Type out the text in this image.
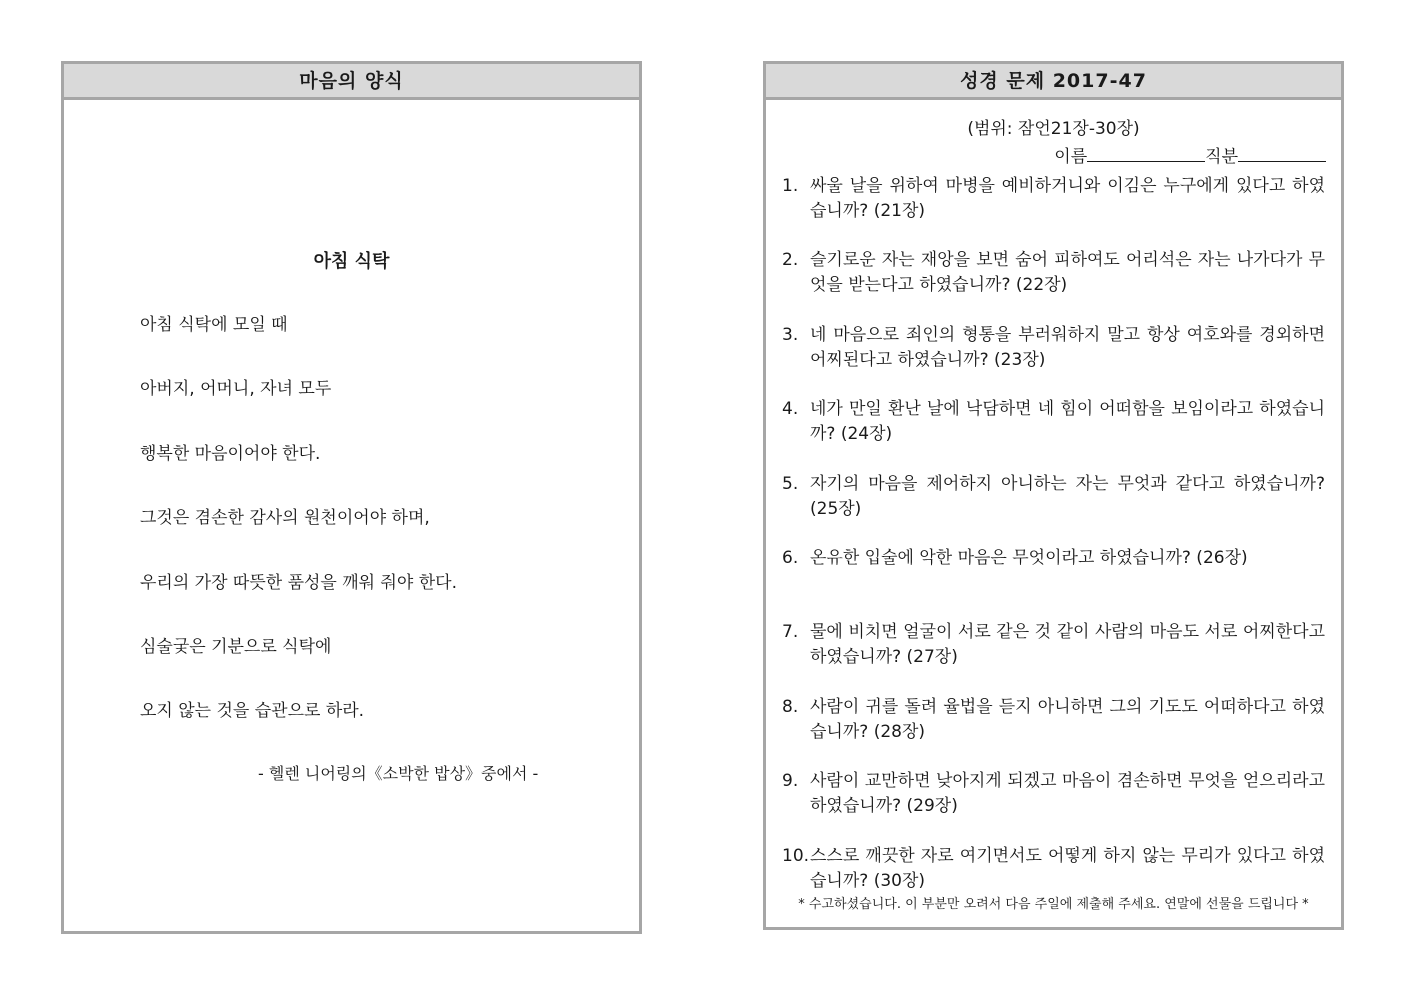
마음의 양식
아침 식탁
아침 식탁에 모일 때
아버지, 어머니, 자녀 모두
행복한 마음이어야 한다.
그것은 겸손한 감사의 원천이어야 하며,
우리의 가장 따뜻한 품성을 깨워 줘야 한다.
심술궂은 기분으로 식탁에
오지 않는 것을 습관으로 하라.
- 헬렌 니어링의《소박한 밥상》중에서 -
성경 문제 2017-47
(범위: 잠언21장-30장)
이름	직분
1. 싸울 날을 위하여 마병을 예비하거니와 이김은 누구에게 있다고 하였습니까? (21장)
2. 슬기로운 자는 재앙을 보면 숨어 피하여도 어리석은 자는 나가다가 무엇을 받는다고 하였습니까? (22장)
3. 네 마음으로 죄인의 형통을 부러워하지 말고 항상 여호와를 경외하면 어찌된다고 하였습니까? (23장)
4. 네가 만일 환난 날에 낙담하면 네 힘이 어떠함을 보임이라고 하였습니까? (24장)
5. 자기의 마음을 제어하지 아니하는 자는 무엇과 같다고 하였습니까? (25장)
6. 온유한 입술에 악한 마음은 무엇이라고 하였습니까? (26장)
7. 물에 비치면 얼굴이 서로 같은 것 같이 사람의 마음도 서로 어찌한다고 하였습니까? (27장)
8. 사람이 귀를 돌려 율법을 듣지 아니하면 그의 기도도 어떠하다고 하였습니까? (28장)
9. 사람이 교만하면 낮아지게 되겠고 마음이 겸손하면 무엇을 얻으리라고 하였습니까? (29장)
10. 스스로 깨끗한 자로 여기면서도 어떻게 하지 않는 무리가 있다고 하였습니까? (30장)
* 수고하셨습니다. 이 부분만 오려서 다음 주일에 제출해 주세요. 연말에 선물을 드립니다 *
